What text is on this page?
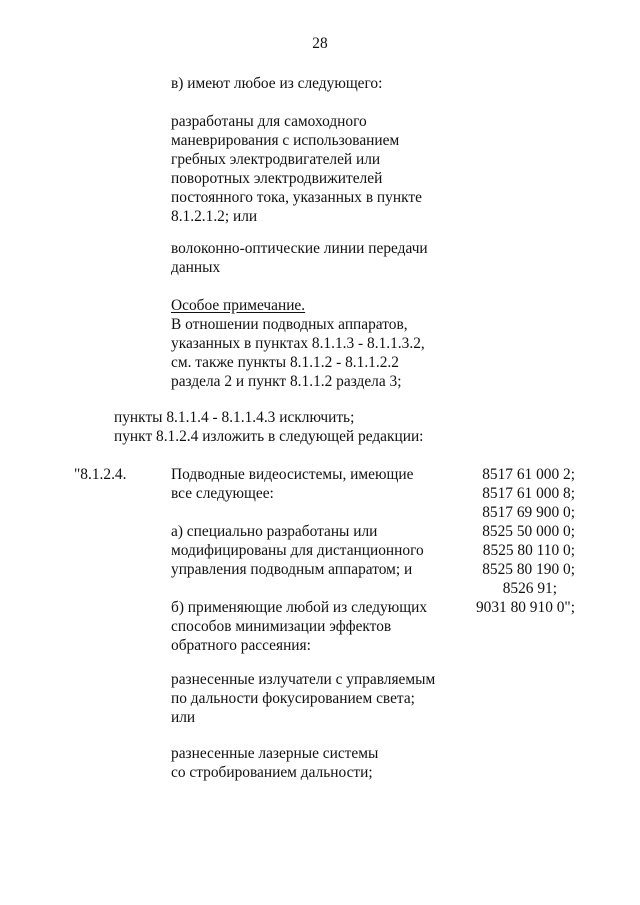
28
в) имеют любое из следующего:
разработаны для самоходного
маневрирования с использованием
гребных электродвигателей или
поворотных электродвижителей
постоянного тока, указанных в пункте
8.1.2.1.2; или
волоконно-оптические линии передачи
данных
Особое примечание.
В отношении подводных аппаратов,
указанных в пунктах 8.1.1.3 - 8.1.1.3.2,
см. также пункты 8.1.1.2 - 8.1.1.2.2
раздела 2 и пункт 8.1.1.2 раздела 3;
пункты 8.1.1.4 - 8.1.1.4.3 исключить;
пункт 8.1.2.4 изложить в следующей редакции:
"8.1.2.4.	Подводные видеосистемы, имеющие
все следующее:
а) специально разработаны или
модифицированы для дистанционного
управления подводным аппаратом; и
б) применяющие любой из следующих
способов минимизации эффектов
обратного рассеяния:
разнесенные излучатели с управляемым
по дальности фокусированием света;
или
разнесенные лазерные системы
со стробированием дальности;
8517 61 000 2;
8517 61 000 8;
8517 69 900 0;
8525 50 000 0;
8525 80 110 0;
8525 80 190 0;
8526 91;
9031 80 910 0";
